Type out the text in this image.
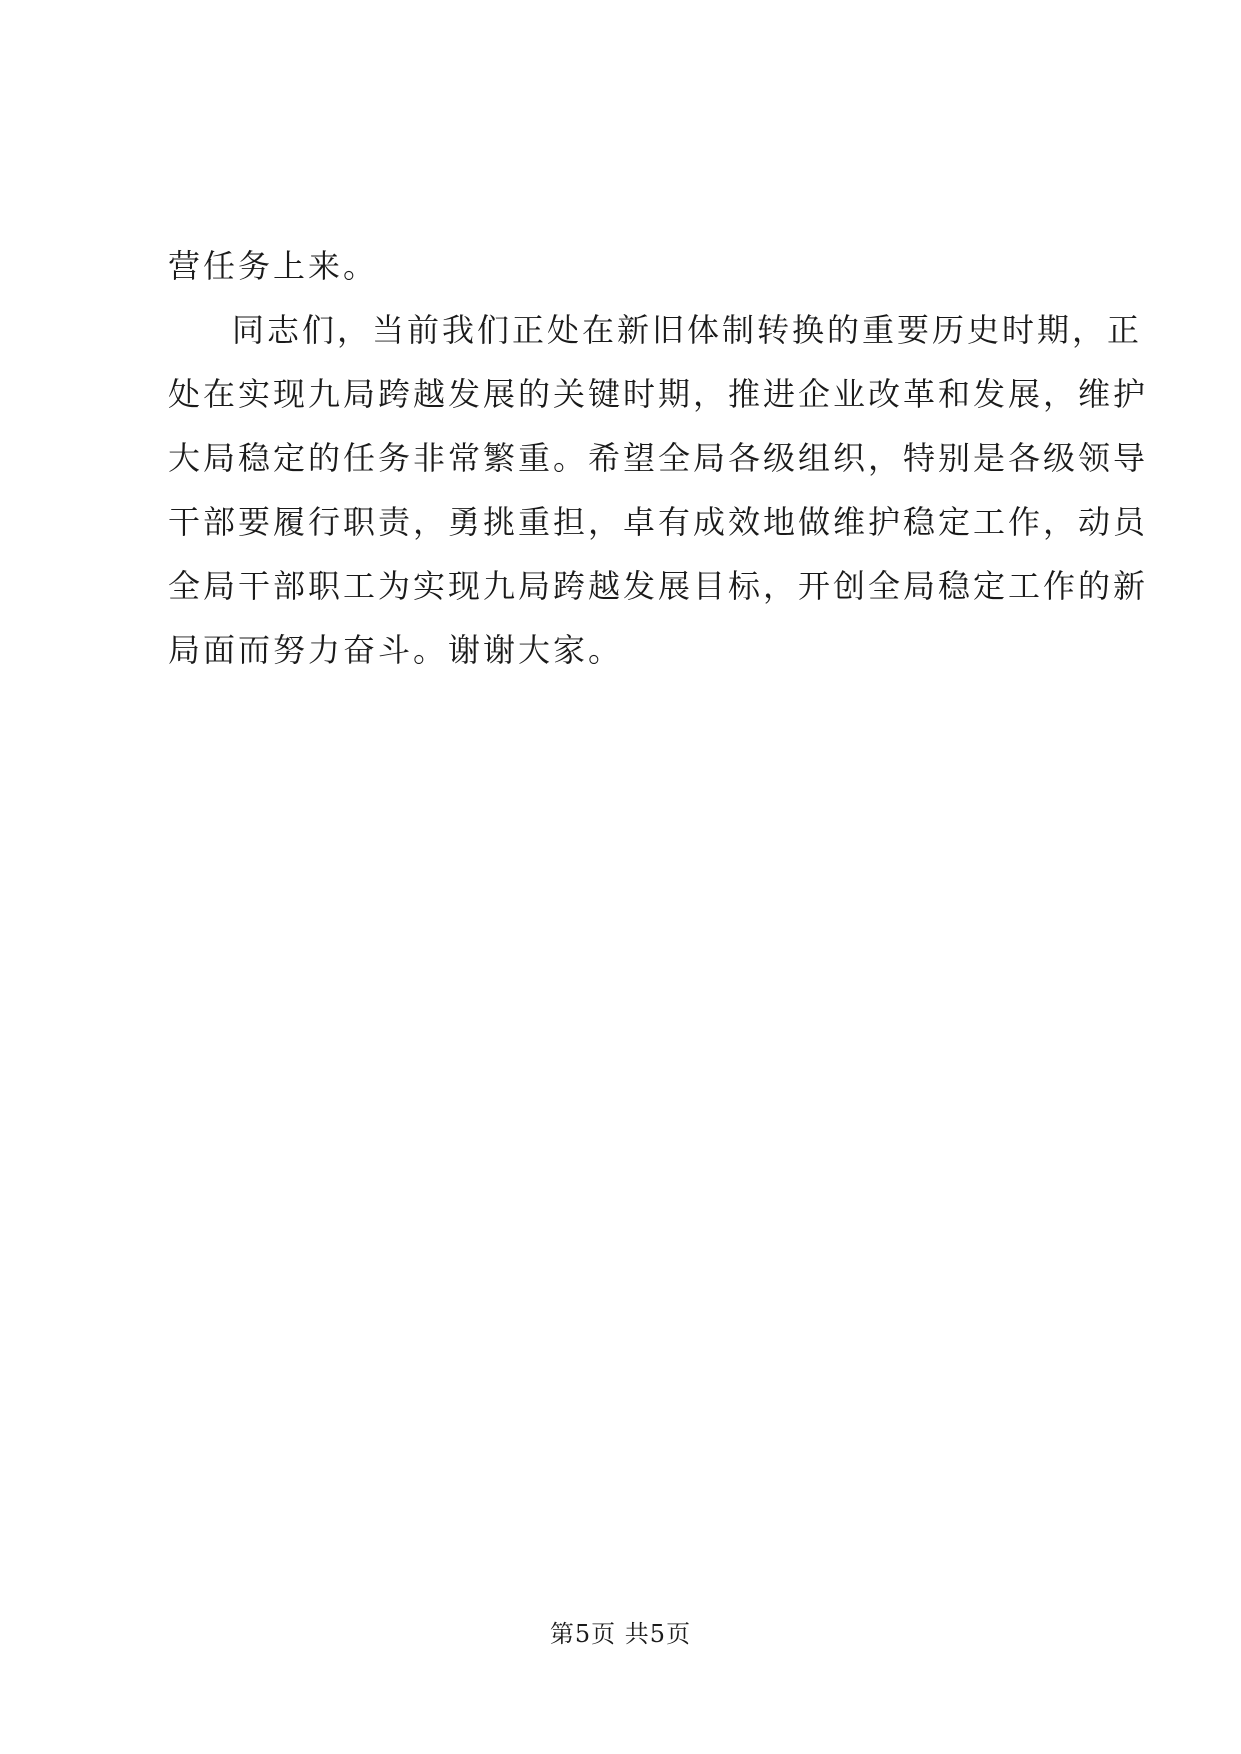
营任务上来。
同志们，当前我们正处在新旧体制转换的重要历史时期，正
处在实现九局跨越发展的关键时期，推进企业改革和发展，维护
大局稳定的任务非常繁重。希望全局各级组织，特别是各级领导
干部要履行职责，勇挑重担，卓有成效地做维护稳定工作，动员
全局干部职工为实现九局跨越发展目标，开创全局稳定工作的新
局面而努力奋斗。谢谢大家。
第5页 共5页
